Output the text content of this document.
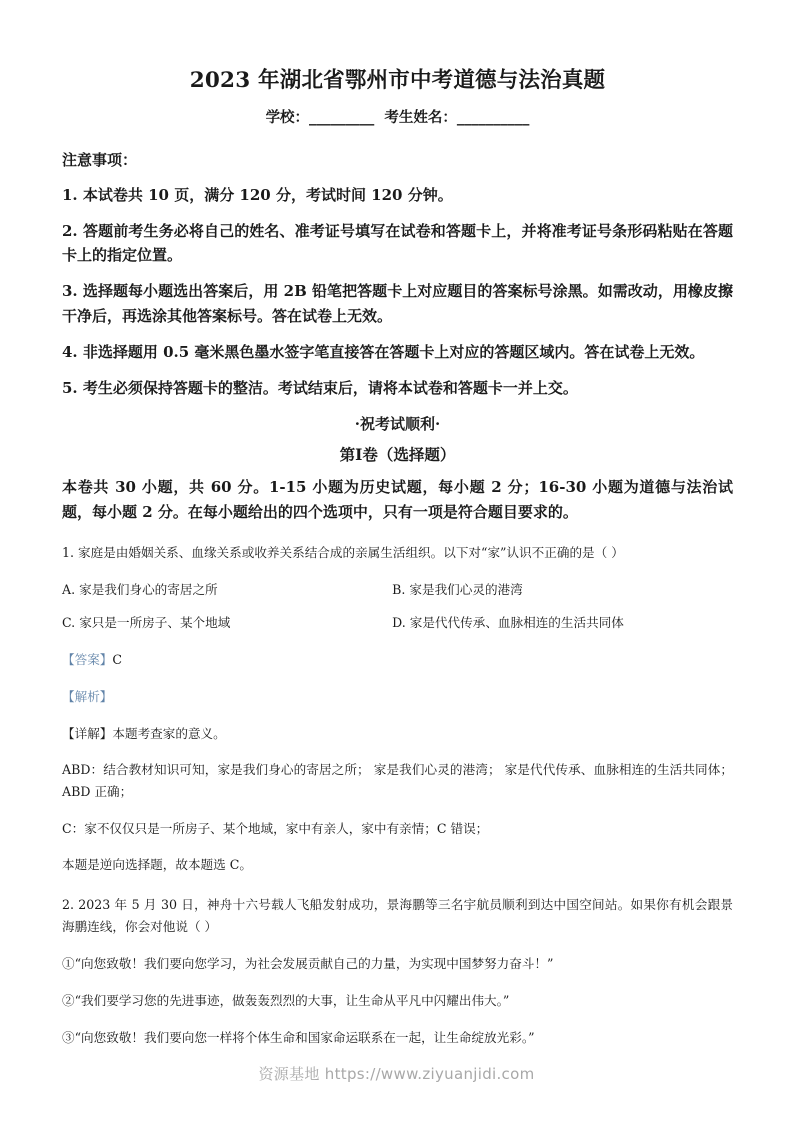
2023 年湖北省鄂州市中考道德与法治真题
学校：_________  考生姓名：__________
注意事项：

1. 本试卷共 10 页，满分 120 分，考试时间 120 分钟。

2. 答题前考生务必将自己的姓名、准考证号填写在试卷和答题卡上，并将准考证号条形码粘贴在答题卡上的指定位置。

3. 选择题每小题选出答案后，用 2B 铅笔把答题卡上对应题目的答案标号涂黑。如需改动，用橡皮擦干净后，再选涂其他答案标号。答在试卷上无效。

4. 非选择题用 0.5 毫米黑色墨水签字笔直接答在答题卡上对应的答题区域内。答在试卷上无效。

5. 考生必须保持答题卡的整洁。考试结束后，请将本试卷和答题卡一并上交。

·祝考试顺利·
第Ⅰ卷（选择题）

本卷共 30 小题，共 60 分。1-15 小题为历史试题，每小题 2 分；16-30 小题为道德与法治试题，每小题 2 分。在每小题给出的四个选项中，只有一项是符合题目要求的。

1. 家庭是由婚姻关系、血缘关系或收养关系结合成的亲属生活组织。以下对“家”认识不正确的是（ ）

A. 家是我们身心的寄居之所	B. 家是我们心灵的港湾
C. 家只是一所房子、某个地域	D. 家是代代传承、血脉相连的生活共同体

【答案】C

【解析】

【详解】本题考查家的意义。

ABD：结合教材知识可知，家是我们身心的寄居之所； 家是我们心灵的港湾； 家是代代传承、血脉相连的生活共同体；ABD 正确；

C：家不仅仅只是一所房子、某个地域，家中有亲人，家中有亲情；C 错误；

本题是逆向选择题，故本题选 C。

2. 2023 年 5 月 30 日，神舟十六号载人飞船发射成功，景海鹏等三名宇航员顺利到达中国空间站。如果你有机会跟景海鹏连线，你会对他说（ ）

①“向您致敬！我们要向您学习，为社会发展贡献自己的力量，为实现中国梦努力奋斗！”

②“我们要学习您的先进事迹，做轰轰烈烈的大事，让生命从平凡中闪耀出伟大。”

③“向您致敬！我们要向您一样将个体生命和国家命运联系在一起，让生命绽放光彩。”

资源基地 https://www.ziyuanjidi.com
